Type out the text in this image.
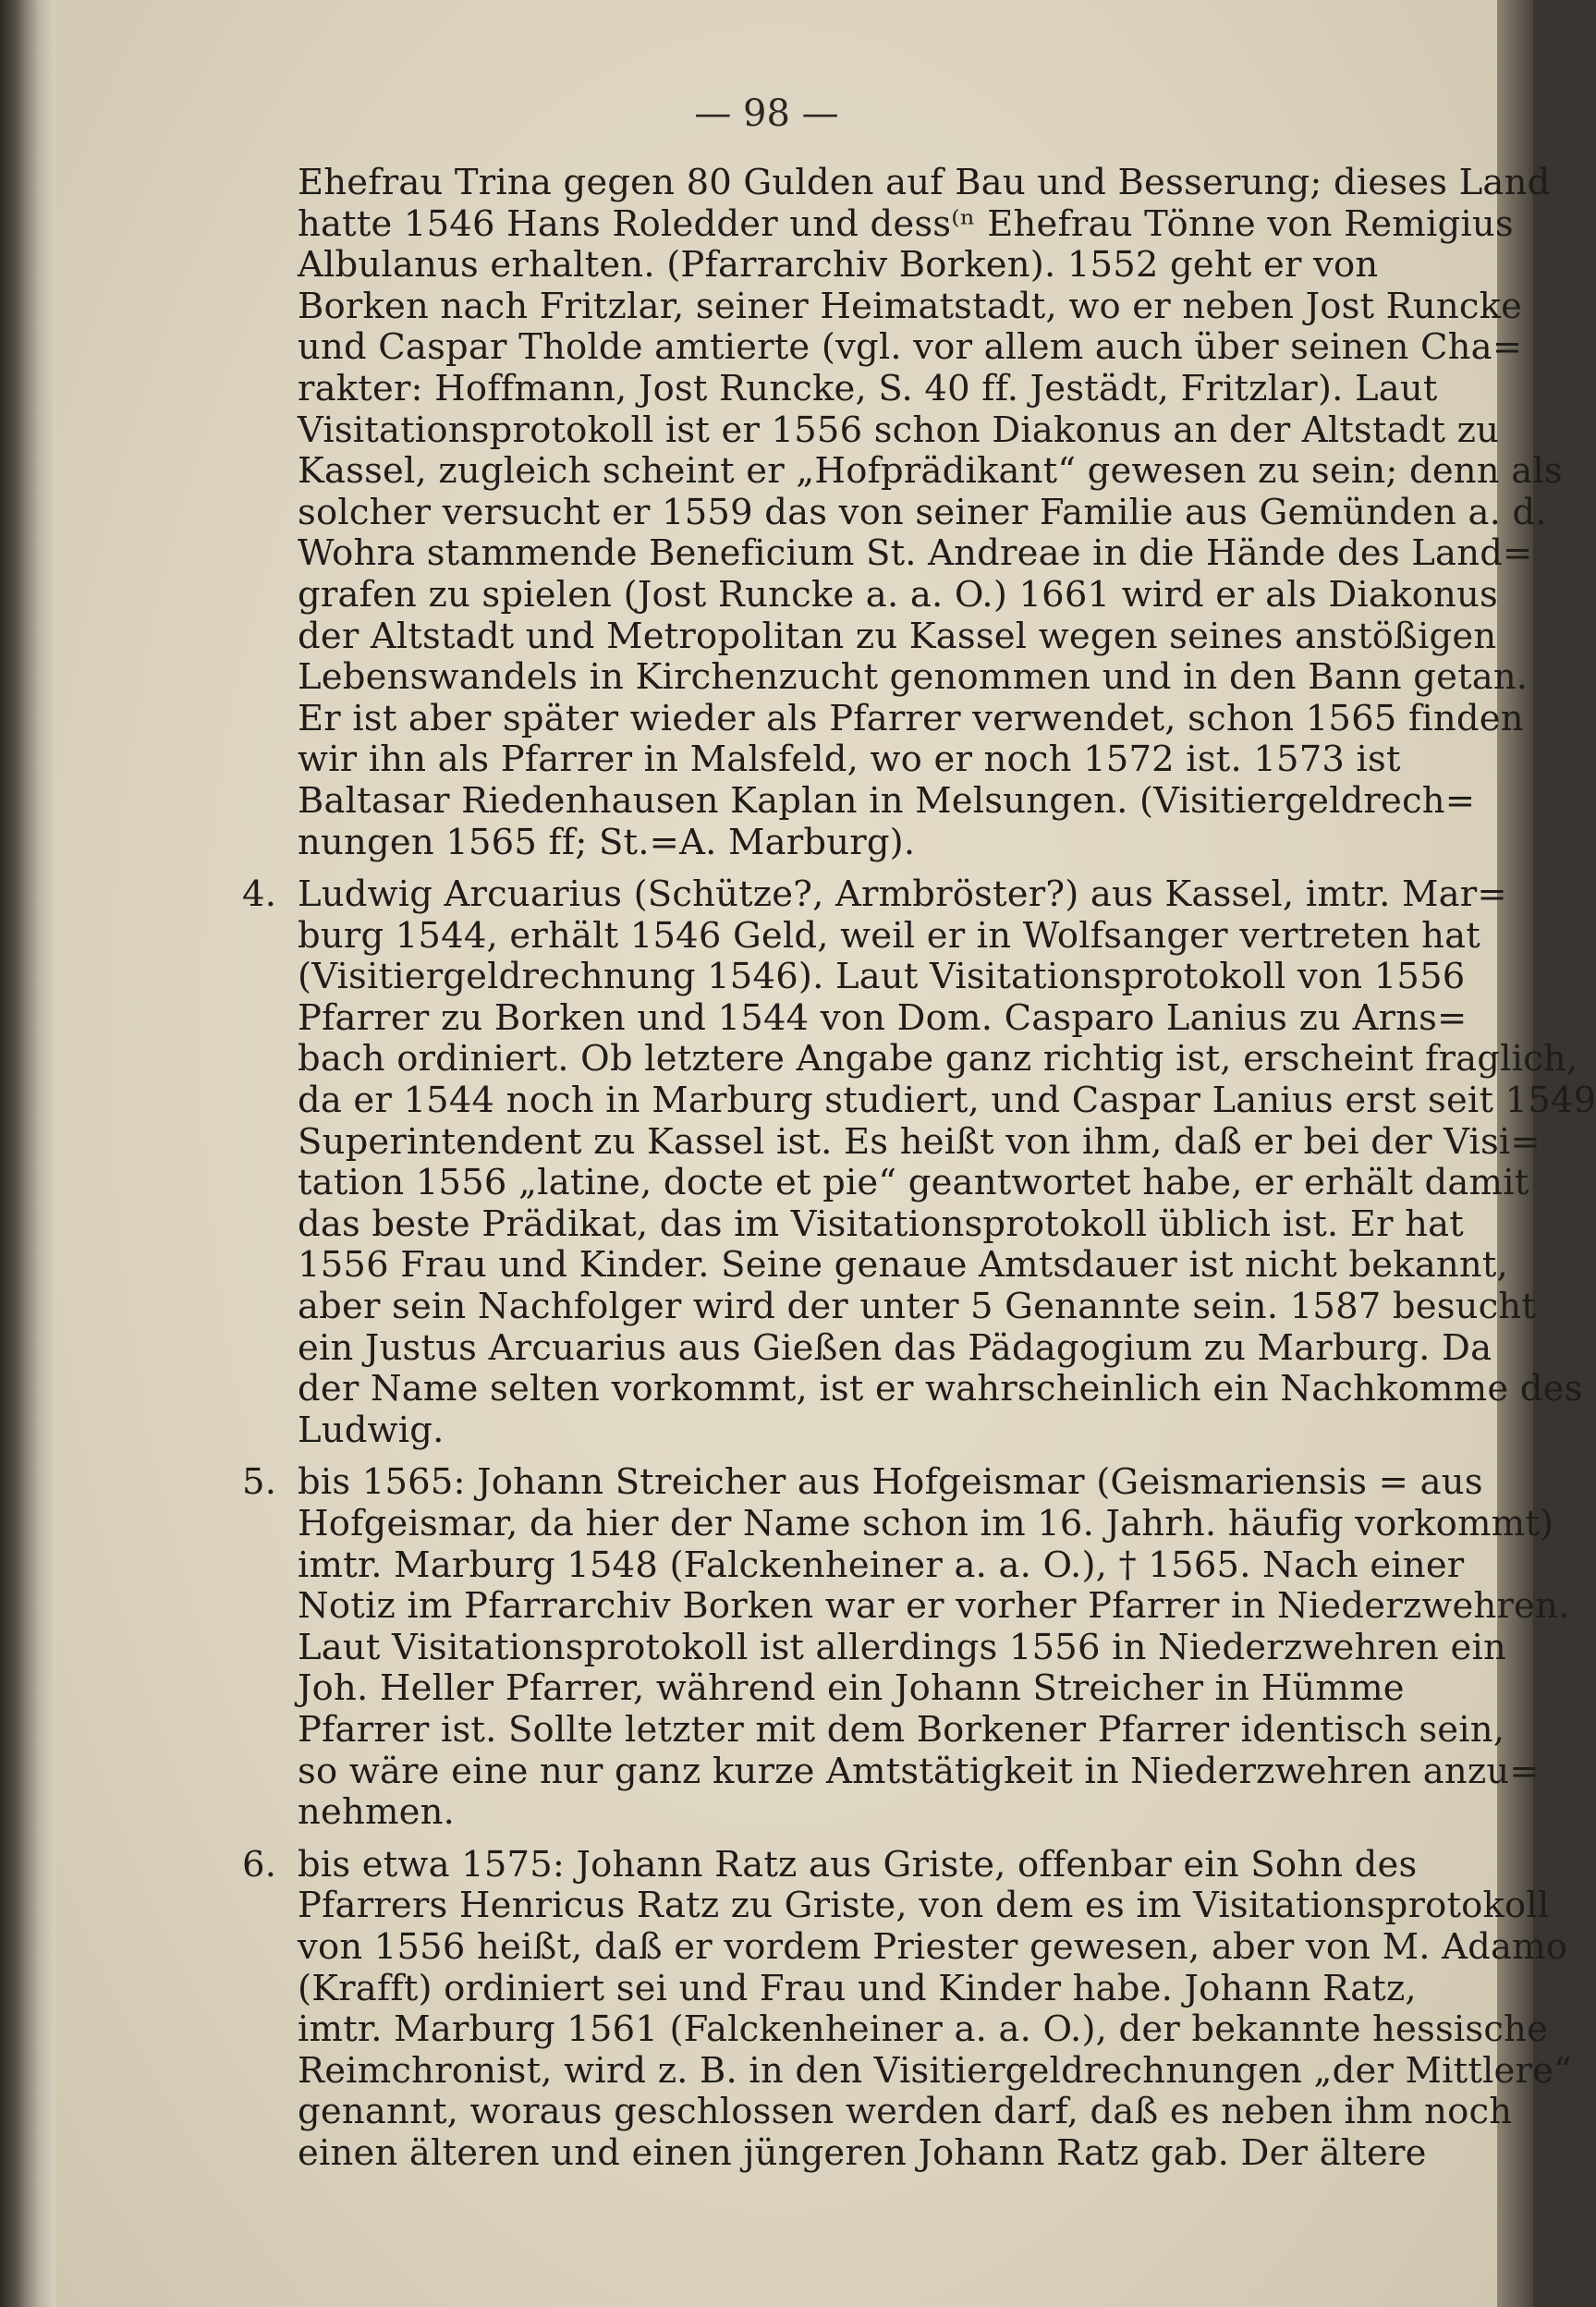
— 98 —
Ehefrau Trina gegen 80 Gulden auf Bau und Besserung; dieses Land
hatte 1546 Hans Roledder und dess⁽ⁿ Ehefrau Tönne von Remigius
Albulanus erhalten. (Pfarrarchiv Borken). 1552 geht er von
Borken nach Fritzlar, seiner Heimatstadt, wo er neben Jost Runcke
und Caspar Tholde amtierte (vgl. vor allem auch über seinen Cha=
rakter: Hoffmann, Jost Runcke, S. 40 ff. Jestädt, Fritzlar). Laut
Visitationsprotokoll ist er 1556 schon Diakonus an der Altstadt zu
Kassel, zugleich scheint er „Hofprädikant“ gewesen zu sein; denn als
solcher versucht er 1559 das von seiner Familie aus Gemünden a. d.
Wohra stammende Beneficium St. Andreae in die Hände des Land=
grafen zu spielen (Jost Runcke a. a. O.) 1661 wird er als Diakonus
der Altstadt und Metropolitan zu Kassel wegen seines anstößigen
Lebenswandels in Kirchenzucht genommen und in den Bann getan.
Er ist aber später wieder als Pfarrer verwendet, schon 1565 finden
wir ihn als Pfarrer in Malsfeld, wo er noch 1572 ist. 1573 ist
Baltasar Riedenhausen Kaplan in Melsungen. (Visitiergeldrech=
nungen 1565 ff; St.=A. Marburg).
4. Ludwig Arcuarius (Schütze?, Armbröster?) aus Kassel, imtr. Mar=
burg 1544, erhält 1546 Geld, weil er in Wolfsanger vertreten hat
(Visitiergeldrechnung 1546). Laut Visitationsprotokoll von 1556
Pfarrer zu Borken und 1544 von Dom. Casparo Lanius zu Arns=
bach ordiniert. Ob letztere Angabe ganz richtig ist, erscheint fraglich,
da er 1544 noch in Marburg studiert, und Caspar Lanius erst seit 1549
Superintendent zu Kassel ist. Es heißt von ihm, daß er bei der Visi=
tation 1556 „latine, docte et pie“ geantwortet habe, er erhält damit
das beste Prädikat, das im Visitationsprotokoll üblich ist. Er hat
1556 Frau und Kinder. Seine genaue Amtsdauer ist nicht bekannt,
aber sein Nachfolger wird der unter 5 Genannte sein. 1587 besucht
ein Justus Arcuarius aus Gießen das Pädagogium zu Marburg. Da
der Name selten vorkommt, ist er wahrscheinlich ein Nachkomme des
Ludwig.
5. bis 1565: Johann Streicher aus Hofgeismar (Geismariensis = aus
Hofgeismar, da hier der Name schon im 16. Jahrh. häufig vorkommt)
imtr. Marburg 1548 (Falckenheiner a. a. O.), † 1565. Nach einer
Notiz im Pfarrarchiv Borken war er vorher Pfarrer in Niederzwehren.
Laut Visitationsprotokoll ist allerdings 1556 in Niederzwehren ein
Joh. Heller Pfarrer, während ein Johann Streicher in Hümme
Pfarrer ist. Sollte letzter mit dem Borkener Pfarrer identisch sein,
so wäre eine nur ganz kurze Amtstätigkeit in Niederzwehren anzu=
nehmen.
6. bis etwa 1575: Johann Ratz aus Griste, offenbar ein Sohn des
Pfarrers Henricus Ratz zu Griste, von dem es im Visitationsprotokoll
von 1556 heißt, daß er vordem Priester gewesen, aber von M. Adamo
(Krafft) ordiniert sei und Frau und Kinder habe. Johann Ratz,
imtr. Marburg 1561 (Falckenheiner a. a. O.), der bekannte hessische
Reimchronist, wird z. B. in den Visitiergeldrechnungen „der Mittlere“
genannt, woraus geschlossen werden darf, daß es neben ihm noch
einen älteren und einen jüngeren Johann Ratz gab. Der ältere
